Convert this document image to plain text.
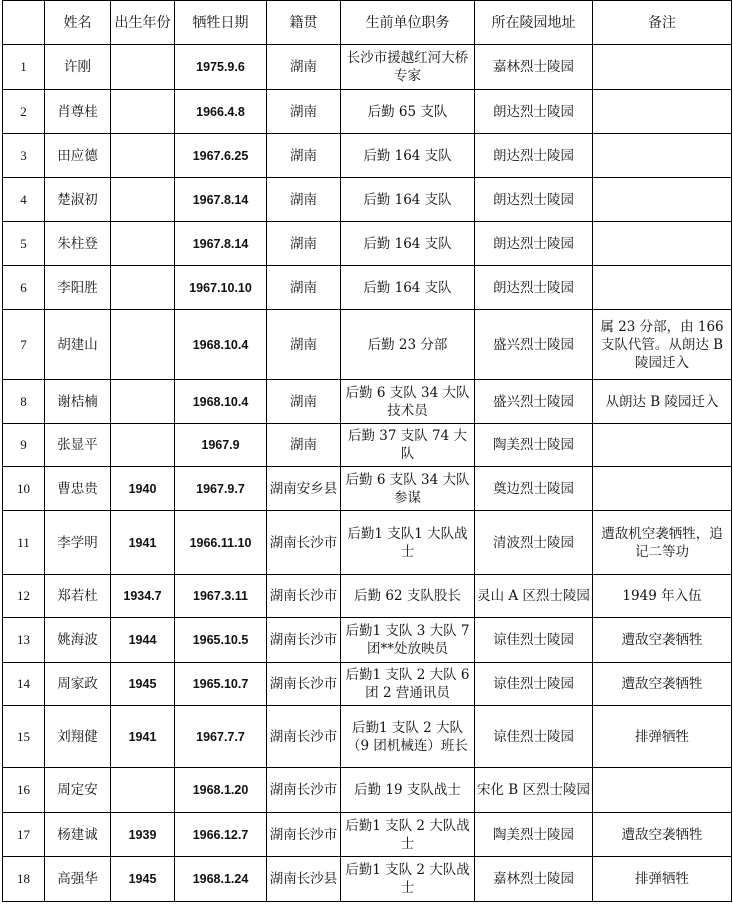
	姓名	出生年份	牺牲日期	籍贯	生前单位职务	所在陵园地址	备注
1	许刚		1975.9.6	湖南	长沙市援越红河大桥专家	嘉林烈士陵园	
2	肖尊桂		1966.4.8	湖南	后勤 65 支队	朗达烈士陵园	
3	田应德		1967.6.25	湖南	后勤 164 支队	朗达烈士陵园	
4	楚淑初		1967.8.14	湖南	后勤 164 支队	朗达烈士陵园	
5	朱柱登		1967.8.14	湖南	后勤 164 支队	朗达烈士陵园	
6	李阳胜		1967.10.10	湖南	后勤 164 支队	朗达烈士陵园	
7	胡建山		1968.10.4	湖南	后勤 23 分部	盛兴烈士陵园	属 23 分部，由 166 支队代管。从朗达 B 陵园迁入
8	谢桔楠		1968.10.4	湖南	后勤 6 支队 34 大队技术员	盛兴烈士陵园	从朗达 B 陵园迁入
9	张显平		1967.9	湖南	后勤 37 支队 74 大队	陶美烈士陵园	
10	曹忠贵	1940	1967.9.7	湖南安乡县	后勤 6 支队 34 大队参谋	奠边烈士陵园	
11	李学明	1941	1966.11.10	湖南长沙市	后勤1 支队1 大队战士	清波烈士陵园	遭敌机空袭牺牲，追记二等功
12	郑若杜	1934.7	1967.3.11	湖南长沙市	后勤 62 支队股长	灵山 A 区烈士陵园	1949 年入伍
13	姚海波	1944	1965.10.5	湖南长沙市	后勤1 支队 3 大队 7 团**处放映员	谅佳烈士陵园	遭敌空袭牺牲
14	周家政	1945	1965.10.7	湖南长沙市	后勤1 支队 2 大队 6 团 2 营通讯员	谅佳烈士陵园	遭敌空袭牺牲
15	刘翔健	1941	1967.7.7	湖南长沙市	后勤1 支队 2 大队（9 团机械连）班长	谅佳烈士陵园	排弹牺牲
16	周定安		1968.1.20	湖南长沙市	后勤 19 支队战士	宋化 B 区烈士陵园	
17	杨建诚	1939	1966.12.7	湖南长沙市	后勤1 支队 2 大队战士	陶美烈士陵园	遭敌空袭牺牲
18	高强华	1945	1968.1.24	湖南长沙县	后勤1 支队 2 大队战士	嘉林烈士陵园	排弹牺牲
